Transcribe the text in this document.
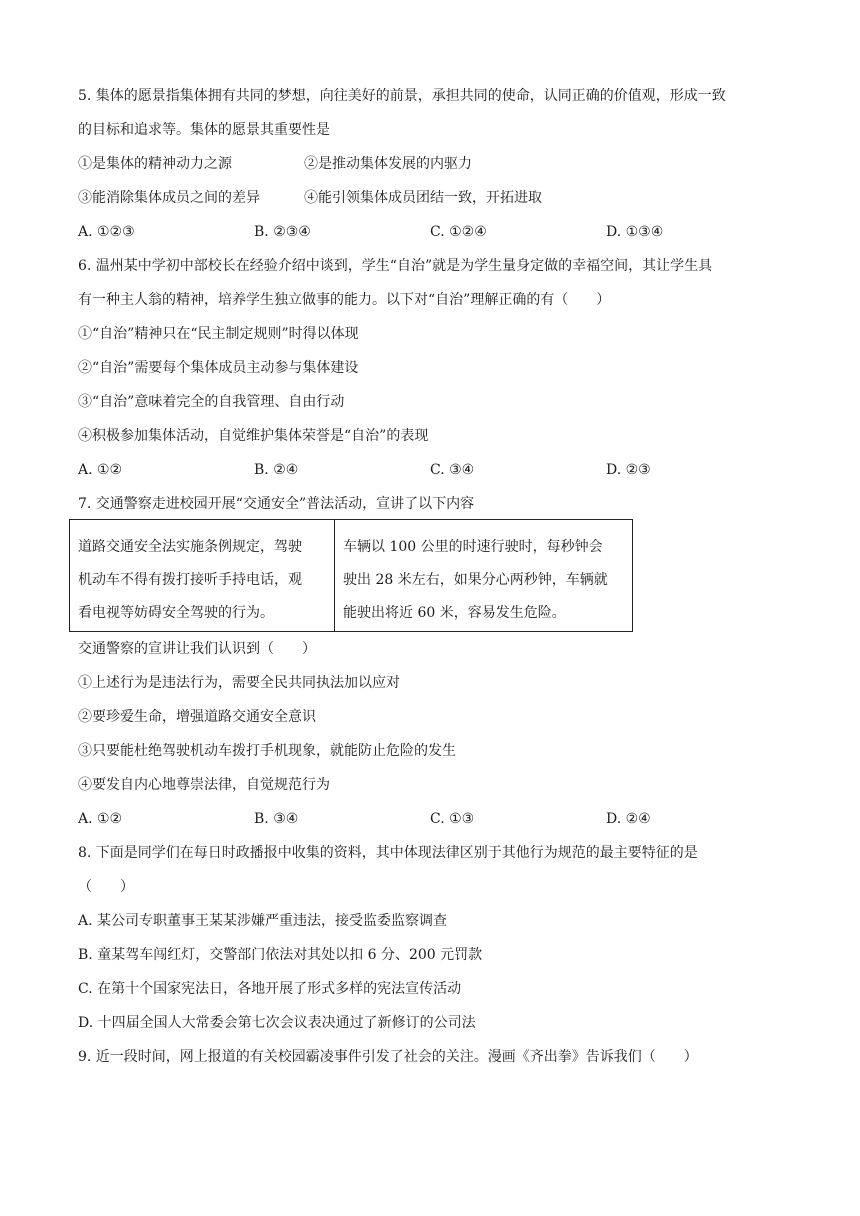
5. 集体的愿景指集体拥有共同的梦想，向往美好的前景，承担共同的使命，认同正确的价值观，形成一致
的目标和追求等。集体的愿景其重要性是
①是集体的精神动力之源	②是推动集体发展的内驱力
③能消除集体成员之间的差异	④能引领集体成员团结一致，开拓进取
A. ①②③	B. ②③④	C. ①②④	D. ①③④
6. 温州某中学初中部校长在经验介绍中谈到，学生“自治”就是为学生量身定做的幸福空间，其让学生具
有一种主人翁的精神，培养学生独立做事的能力。以下对“自治”理解正确的有（　　）
①“自治”精神只在“民主制定规则”时得以体现
②“自治”需要每个集体成员主动参与集体建设
③“自治”意味着完全的自我管理、自由行动
④积极参加集体活动，自觉维护集体荣誉是“自治”的表现
A. ①②	B. ②④	C. ③④	D. ②③
7. 交通警察走进校园开展“交通安全”普法活动，宣讲了以下内容
道路交通安全法实施条例规定，驾驶
机动车不得有拨打接听手持电话，观
看电视等妨碍安全驾驶的行为。

车辆以 100 公里的时速行驶时，每秒钟会
驶出 28 米左右，如果分心两秒钟，车辆就
能驶出将近 60 米，容易发生危险。
交通警察的宣讲让我们认识到（　　）
①上述行为是违法行为，需要全民共同执法加以应对
②要珍爱生命，增强道路交通安全意识
③只要能杜绝驾驶机动车拨打手机现象，就能防止危险的发生
④要发自内心地尊崇法律，自觉规范行为
A. ①②	B. ③④	C. ①③	D. ②④
8. 下面是同学们在每日时政播报中收集的资料，其中体现法律区别于其他行为规范的最主要特征的是
（　　）
A. 某公司专职董事王某某涉嫌严重违法，接受监委监察调查
B. 童某驾车闯红灯，交警部门依法对其处以扣 6 分、200 元罚款
C. 在第十个国家宪法日，各地开展了形式多样的宪法宣传活动
D. 十四届全国人大常委会第七次会议表决通过了新修订的公司法
9. 近一段时间，网上报道的有关校园霸凌事件引发了社会的关注。漫画《齐出拳》告诉我们（　　）
